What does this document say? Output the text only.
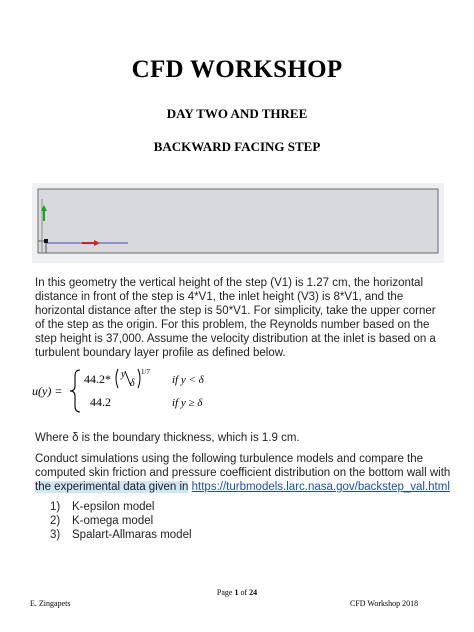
CFD WORKSHOP
DAY TWO AND THREE
BACKWARD FACING STEP
In this geometry the vertical height of the step (V1) is 1.27 cm, the horizontal distance in front of the step is 4*V1, the inlet height (V3) is 8*V1, and the horizontal distance after the step is 50*V1. For simplicity, take the upper corner of the step as the origin. For this problem, the Reynolds number based on the step height is 37,000. Assume the velocity distribution at the inlet is based on a turbulent boundary layer profile as defined below.
u(y) =
44.2* y
δ
1/7
if y < δ
44.2	if y ≥ δ
Where δ is the boundary thickness, which is 1.9 cm.
Conduct simulations using the following turbulence models and compare the computed skin friction and pressure coefficient distribution on the bottom wall with the experimental data given in https://turbmodels.larc.nasa.gov/backstep_val.html
1) K-epsilon model
2) K-omega model
3) Spalart-Allmaras model
Page 1 of 24
E. Zingapets	CFD Workshop 2018
